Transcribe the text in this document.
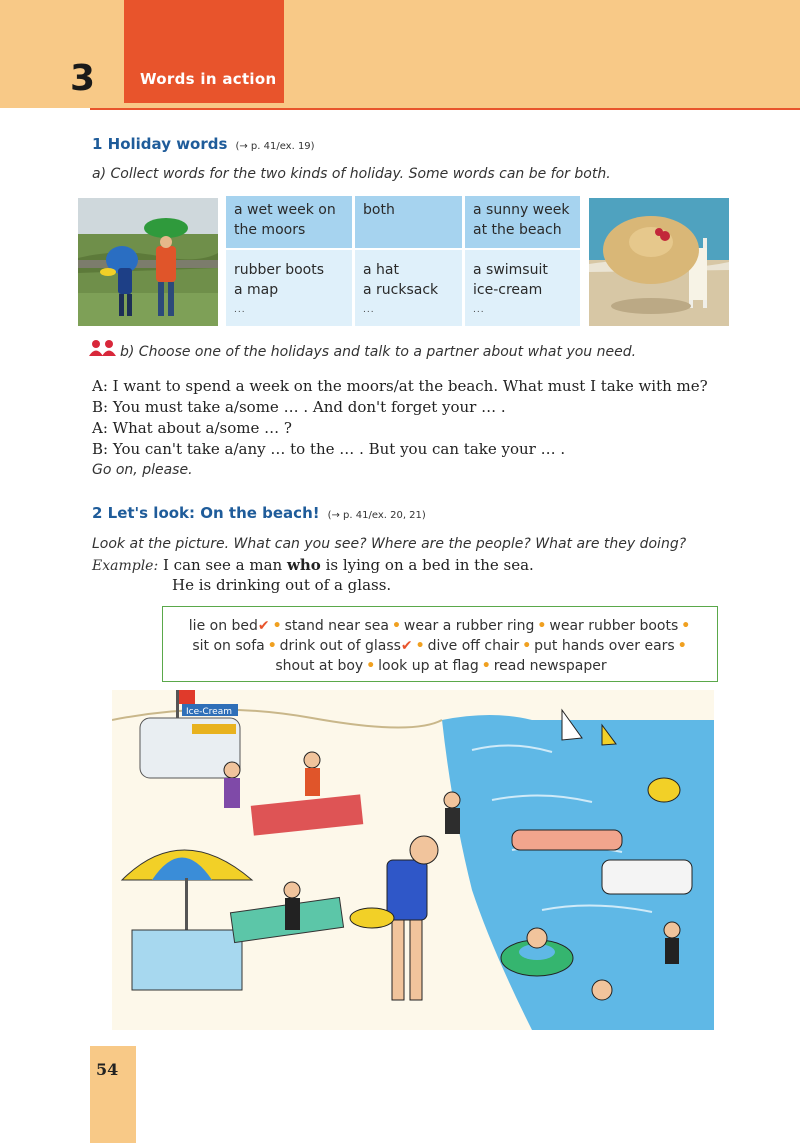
3	Words in action
1 Holiday words (→ p. 41/ex. 19)
a) Collect words for the two kinds of holiday. Some words can be for both.
a wet week on the moors
both	a sunny week at the beach
rubber boots
a map
...
a hat
a rucksack
...
a swimsuit
ice-cream
...
b) Choose one of the holidays and talk to a partner about what you need.
A: I want to spend a week on the moors/at the beach. What must I take with me?
B: You must take a/some … . And don't forget your … .
A: What about a/some … ?
B: You can't take a/any … to the … . But you can take your … .
Go on, please.
2 Let's look: On the beach! (→ p. 41/ex. 20, 21)
Look at the picture. What can you see? Where are the people? What are they doing?
Example: I can see a man who is lying on a bed in the sea.
He is drinking out of a glass.
lie on bed✔ • stand near sea • wear a rubber ring • wear rubber boots •
sit on sofa • drink out of glass✔ • dive off chair • put hands over ears •
shout at boy • look up at flag • read newspaper
Ice-Cream
54
